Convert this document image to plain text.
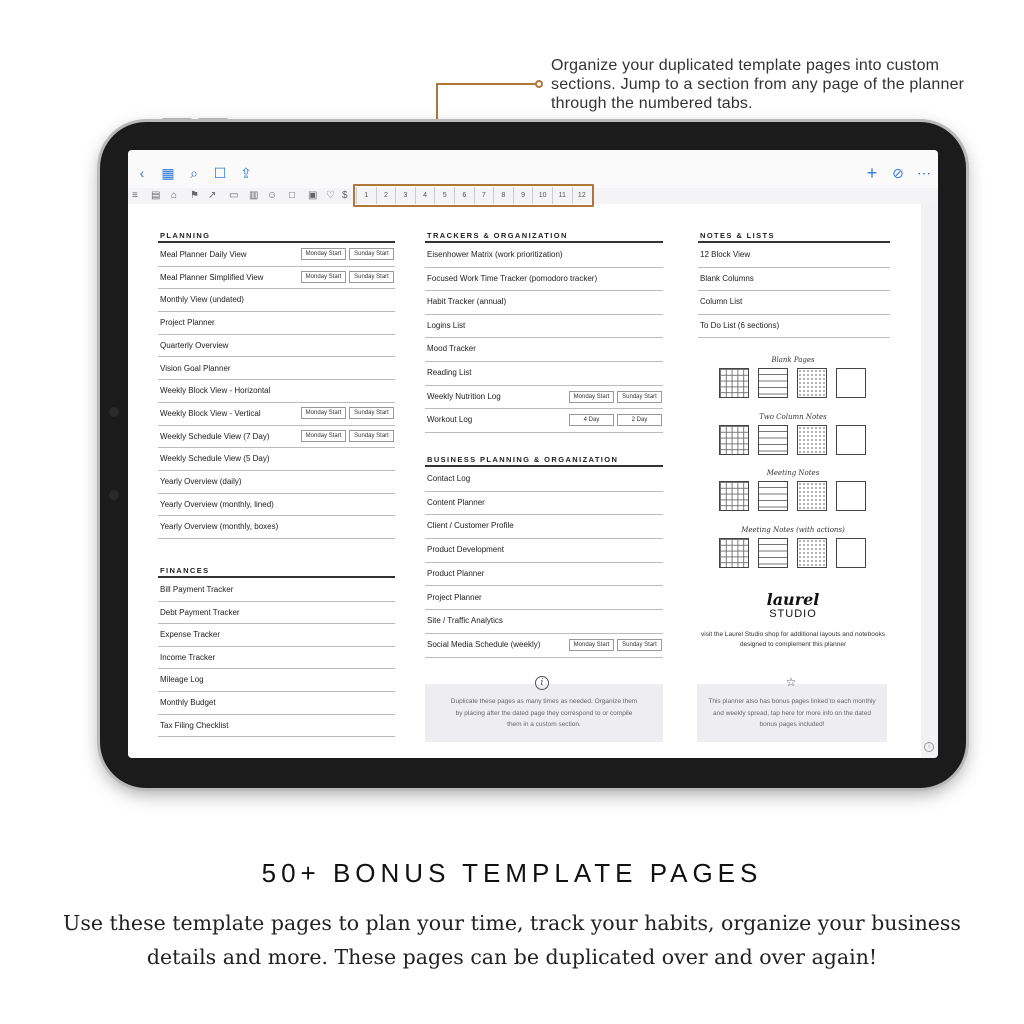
Organize your duplicated template pages into custom sections. Jump to a section from any page of the planner through the numbered tabs.
‹	▦ ⌕ ☐ ⇪	+ ⊘ ⋯
≡ ▤ ⌂ ⚑ ↗ ▭ ▥ ☺ □ ▣ ♡ $	1	2	3	4	5	6	7	8	9	10	11	12
PLANNING
Meal Planner Daily View	Monday Start	Sunday Start
Meal Planner Simplified View	Monday Start	Sunday Start
Monthly View (undated)
Project Planner
Quarterly Overview
Vision Goal Planner
Weekly Block View - Horizontal
Weekly Block View - Vertical	Monday Start	Sunday Start
Weekly Schedule View (7 Day)	Monday Start	Sunday Start
Weekly Schedule View (5 Day)
Yearly Overview (daily)
Yearly Overview (monthly, lined)
Yearly Overview (monthly, boxes)
FINANCES
Bill Payment Tracker
Debt Payment Tracker
Expense Tracker
Income Tracker
Mileage Log
Monthly Budget
Tax Filing Checklist
TRACKERS & ORGANIZATION
Eisenhower Matrix (work prioritization)
Focused Work Time Tracker (pomodoro tracker)
Habit Tracker (annual)
Logins List
Mood Tracker
Reading List
Weekly Nutrition Log	Monday Start	Sunday Start
Workout Log	4 Day	2 Day
BUSINESS PLANNING & ORGANIZATION
Contact Log
Content Planner
Client / Customer Profile
Product Development
Product Planner
Project Planner
Site / Traffic Analytics
Social Media Schedule (weekly)	Monday Start	Sunday Start
NOTES & LISTS
12 Block View
Blank Columns
Column List
To Do List (6 sections)
Blank Pages
Two Column Notes
Meeting Notes
Meeting Notes (with actions)
laurel
STUDIO
visit the Laurel Studio shop for additional layouts and notebooks designed to complement this planner
i
Duplicate these pages as many times as needed. Organize them by placing after the dated page they correspond to or compile them in a custom section.
☆
This planner also has bonus pages linked to each monthly and weekly spread, tap here for more info on the dated bonus pages included!
i
50+ BONUS TEMPLATE PAGES
Use these template pages to plan your time, track your habits, organize your business details and more. These pages can be duplicated over and over again!
